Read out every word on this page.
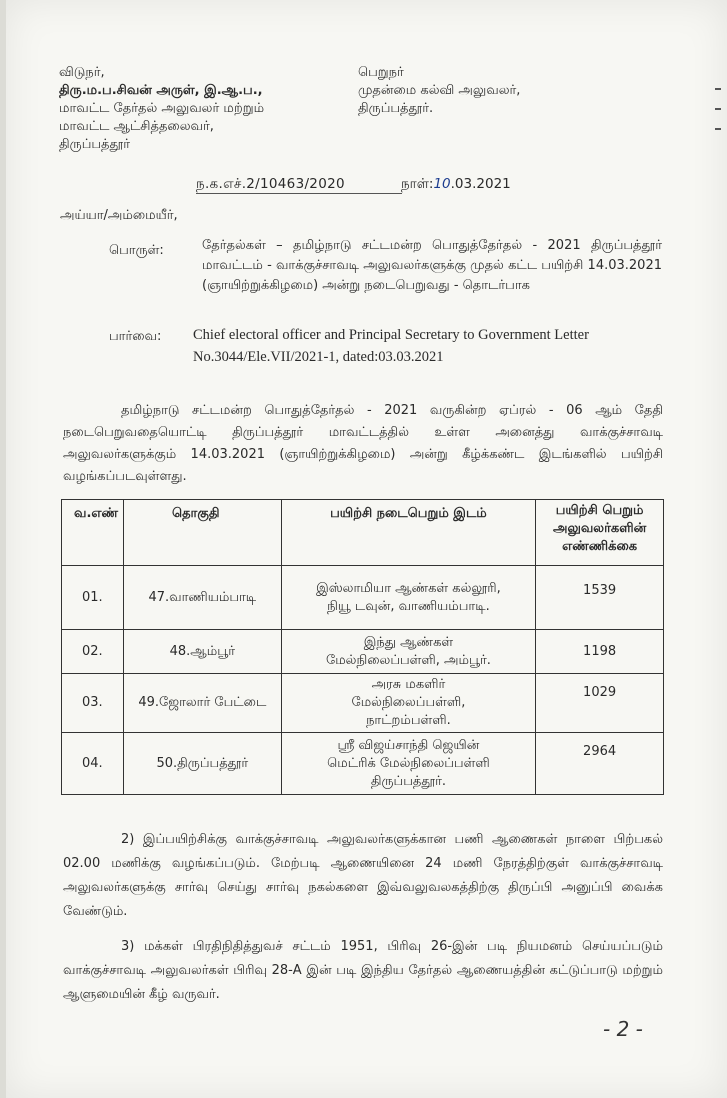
விடுநர்,
திரு.ம.ப.சிவன் அருள், இ.ஆ.ப.,
மாவட்ட தேர்தல் அலுவலர் மற்றும்
மாவட்ட ஆட்சித்தலைவர்,
திருப்பத்தூர்
பெறுநர்
முதன்மை கல்வி அலுவலர்,
திருப்பத்தூர்.
ந.க.எச்.2/10463/2020	நாள்:10.03.2021
அய்யா/அம்மையீர்,
பொருள்:	தேர்தல்கள் – தமிழ்நாடு சட்டமன்ற பொதுத்தேர்தல் - 2021 திருப்பத்தூர் மாவட்டம் - வாக்குச்சாவடி அலுவலர்களுக்கு முதல் கட்ட பயிற்சி 14.03.2021 (ஞாயிற்றுக்கிழமை) அன்று நடைபெறுவது - தொடர்பாக
பார்வை: Chief electoral officer and Principal Secretary to Government Letter No.3044/Ele.VII/2021-1, dated:03.03.2021
தமிழ்நாடு சட்டமன்ற பொதுத்தேர்தல் - 2021 வருகின்ற ஏப்ரல் - 06 ஆம் தேதி நடைபெறுவதையொட்டி திருப்பத்தூர் மாவட்டத்தில் உள்ள அனைத்து வாக்குச்சாவடி அலுவலர்களுக்கும் 14.03.2021 (ஞாயிற்றுக்கிழமை) அன்று கீழ்க்கண்ட இடங்களில் பயிற்சி வழங்கப்படவுள்ளது.
வ.எண்	தொகுதி	பயிற்சி நடைபெறும் இடம்	பயிற்சி பெறும் அலுவலர்களின் எண்ணிக்கை
01.	47.வாணியம்பாடி	இஸ்லாமியா ஆண்கள் கல்லூரி, நியூ டவுன், வாணியம்பாடி.	1539
02.	48.ஆம்பூர்	இந்து ஆண்கள் மேல்நிலைப்பள்ளி, அம்பூர்.	1198
03.	49.ஜோலார் பேட்டை	அரசு மகளிர் மேல்நிலைப்பள்ளி, நாட்றம்பள்ளி.	1029
04.	50.திருப்பத்தூர்	ஸ்ரீ விஜய்சாந்தி ஜெயின் மெட்ரிக் மேல்நிலைப்பள்ளி திருப்பத்தூர்.	2964
2) இப்பயிற்சிக்கு வாக்குச்சாவடி அலுவலர்களுக்கான பணி ஆணைகள் நாளை பிற்பகல் 02.00 மணிக்கு வழங்கப்படும். மேற்படி ஆணையினை 24 மணி நேரத்திற்குள் வாக்குச்சாவடி அலுவலர்களுக்கு சார்வு செய்து சார்வு நகல்களை இவ்வலுவலகத்திற்கு திருப்பி அனுப்பி வைக்க வேண்டும்.
3) மக்கள் பிரதிநிதித்துவச் சட்டம் 1951, பிரிவு 26-இன் படி நியமனம் செய்யப்படும் வாக்குச்சாவடி அலுவலர்கள் பிரிவு 28-A இன் படி இந்திய தேர்தல் ஆணையத்தின் கட்டுப்பாடு மற்றும் ஆளுமையின் கீழ் வருவர்.
- 2 -
